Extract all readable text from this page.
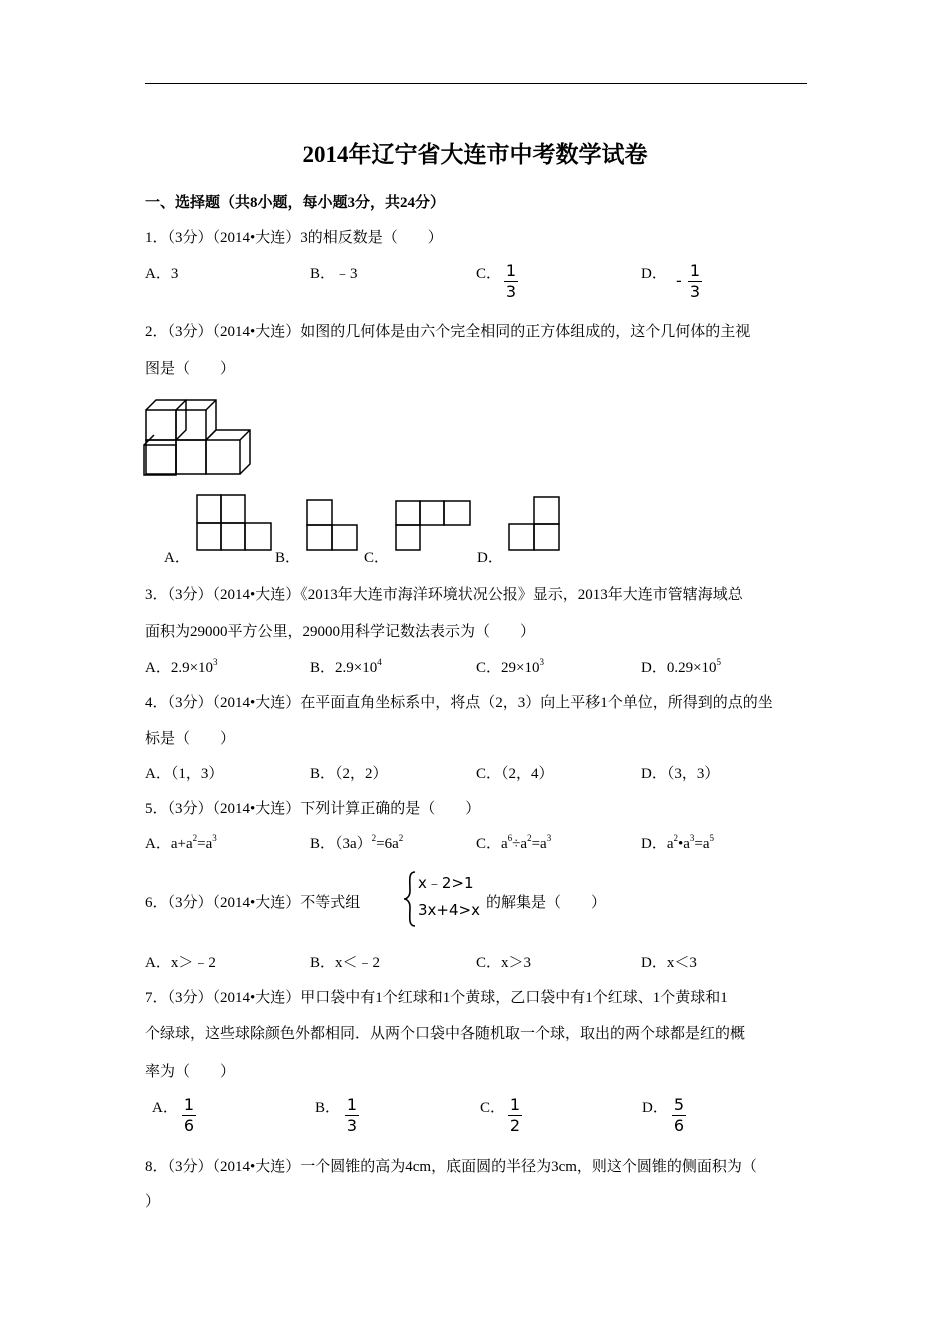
2014年辽宁省大连市中考数学试卷
一、选择题（共8小题，每小题3分，共24分）
1．（3分）（2014•大连）3的相反数是（　　）
A．3	B．﹣3	C． 1
3
D． -
1
3
2．（3分）（2014•大连）如图的几何体是由六个完全相同的正方体组成的，这个几何体的主视
图是（　　）
A．	B．	C．	D．
3．（3分）（2014•大连）《2013年大连市海洋环境状况公报》显示，2013年大连市管辖海域总
面积为29000平方公里，29000用科学记数法表示为（　　）
A．$2.9\times 10^3$	B．$2.9\times 10^4$	C．$29\times 10^3$	D．$0.29\times 10^5$
4．（3分）（2014•大连）在平面直角坐标系中，将点（2，3）向上平移1个单位，所得到的点的坐
标是（　　）
A．（1，3）	B．（2，2）	C．（2，4）	D．（3，3）
5．（3分）（2014•大连）下列计算正确的是（　　）
A．$a+a^2=a^3$	B．$(3a)^2=6a^2$	C．$a^6\div a^2=a^3$	D．$a^2•a^3=a^5$
6．（3分）（2014•大连）不等式组
x﹣2>1
3x+4>x 的解集是（　　）
A．x＞﹣2	B．x＜﹣2	C．x＞3	D．x＜3
7．（3分）（2014•大连）甲口袋中有1个红球和1个黄球，乙口袋中有1个红球、1个黄球和1
个绿球，这些球除颜色外都相同．从两个口袋中各随机取一个球，取出的两个球都是红的概
率为（　　）
A． 1
6
B． 1
3
C． 1
2
D． 5
6
8．（3分）（2014•大连）一个圆锥的高为4cm，底面圆的半径为3cm，则这个圆锥的侧面积为（
）
